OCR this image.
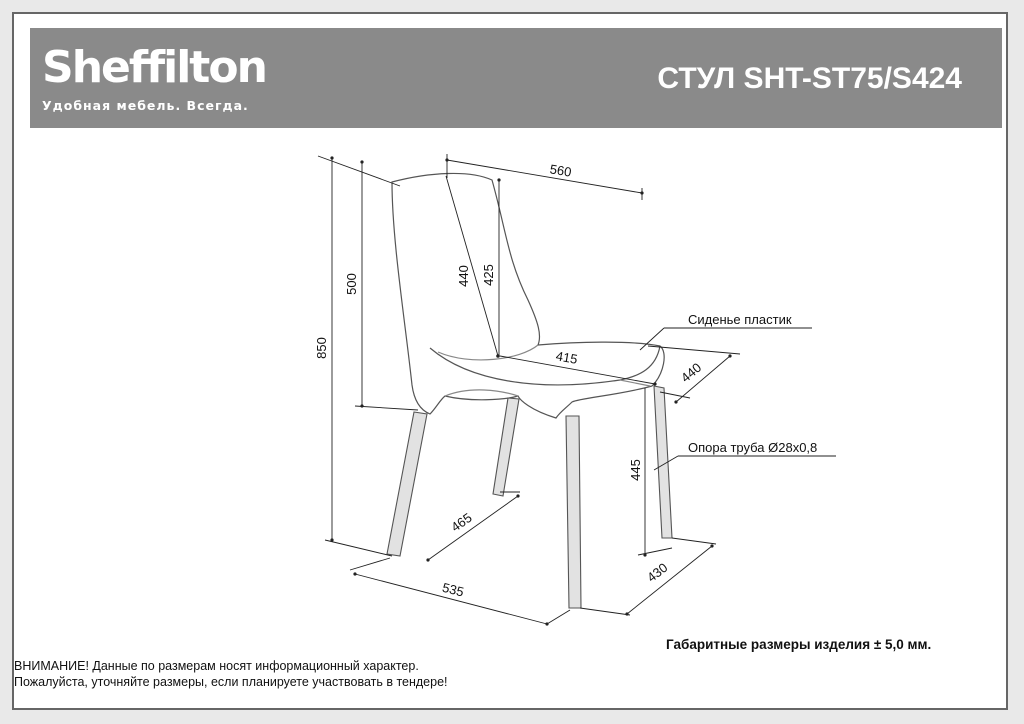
Sheffilton
Удобная мебель. Всегда.
СТУЛ SHT-ST75/S424
560
850
500	440 425
415
440
445
465
535
430
Сиденье пластик
Опора труба Ø28х0,8
Габаритные размеры изделия ± 5,0 мм.
ВНИМАНИЕ! Данные по размерам носят информационный характер.
Пожалуйста, уточняйте размеры, если планируете участвовать в тендере!
